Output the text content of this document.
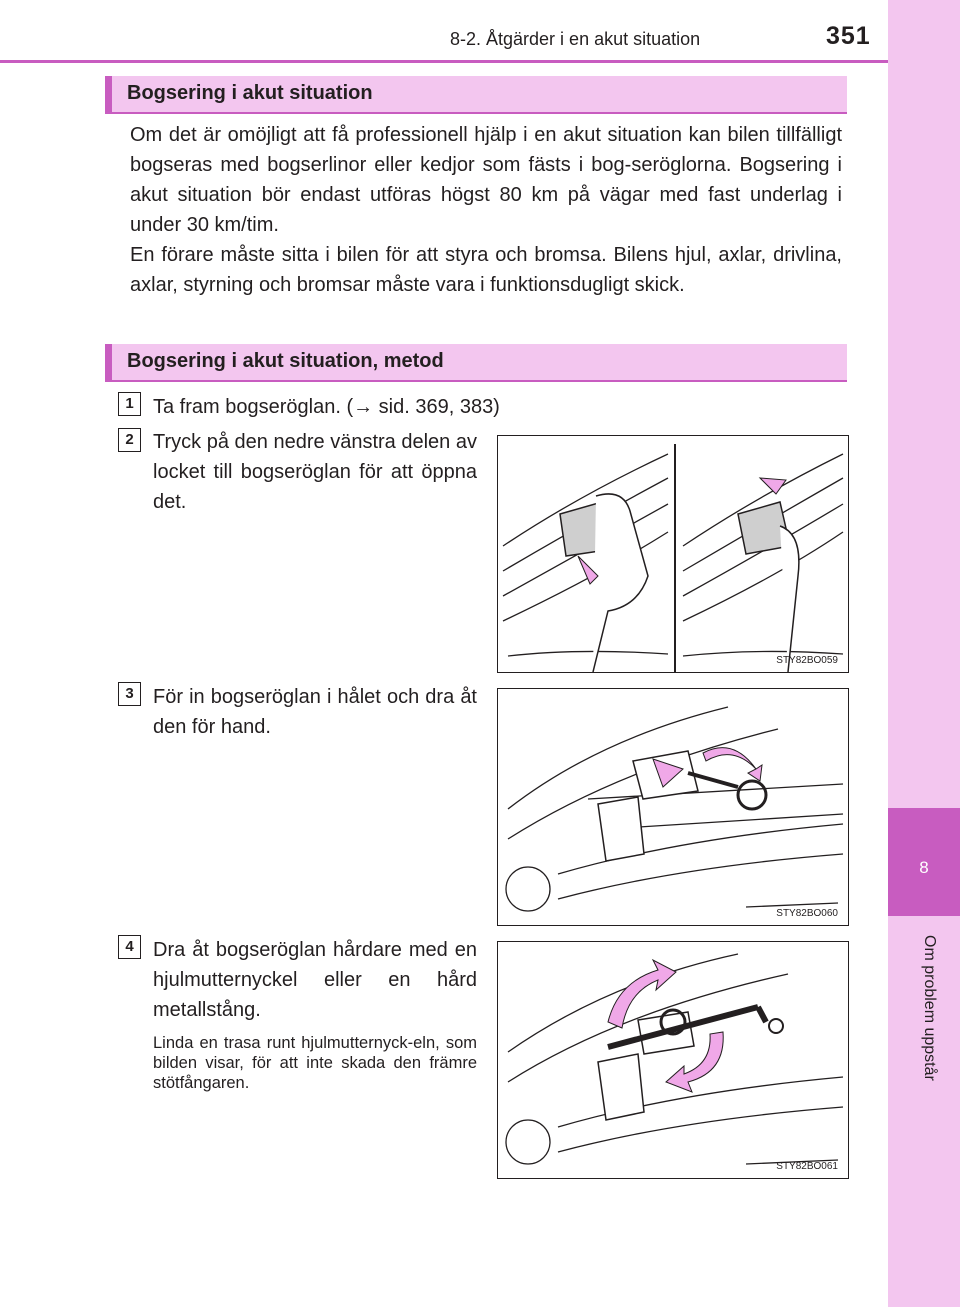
8-2. Åtgärder i en akut situation	351
8
Om problem uppstår
Bogsering i akut situation

Om det är omöjligt att få professionell hjälp i en akut situation kan bilen tillfälligt bogseras med bogserlinor eller kedjor som fästs i bog-seröglorna. Bogsering i akut situation bör endast utföras högst 80 km på vägar med fast underlag i under 30 km/tim.

En förare måste sitta i bilen för att styra och bromsa. Bilens hjul, axlar, drivlina, axlar, styrning och bromsar måste vara i funktionsdugligt skick.

Bogsering i akut situation, metod
1 Ta fram bogseröglan. (→ sid. 369, 383)

2 Tryck på den nedre vänstra delen av locket till bogseröglan för att öppna det.

STY82BO059
3 För in bogseröglan i hålet och dra åt den för hand.

STY82BO060
4 Dra åt bogseröglan hårdare med en hjulmutternyckel eller en hård metallstång.

Linda en trasa runt hjulmutternyck-eln, som bilden visar, för att inte skada den främre stötfångaren.

STY82BO061
